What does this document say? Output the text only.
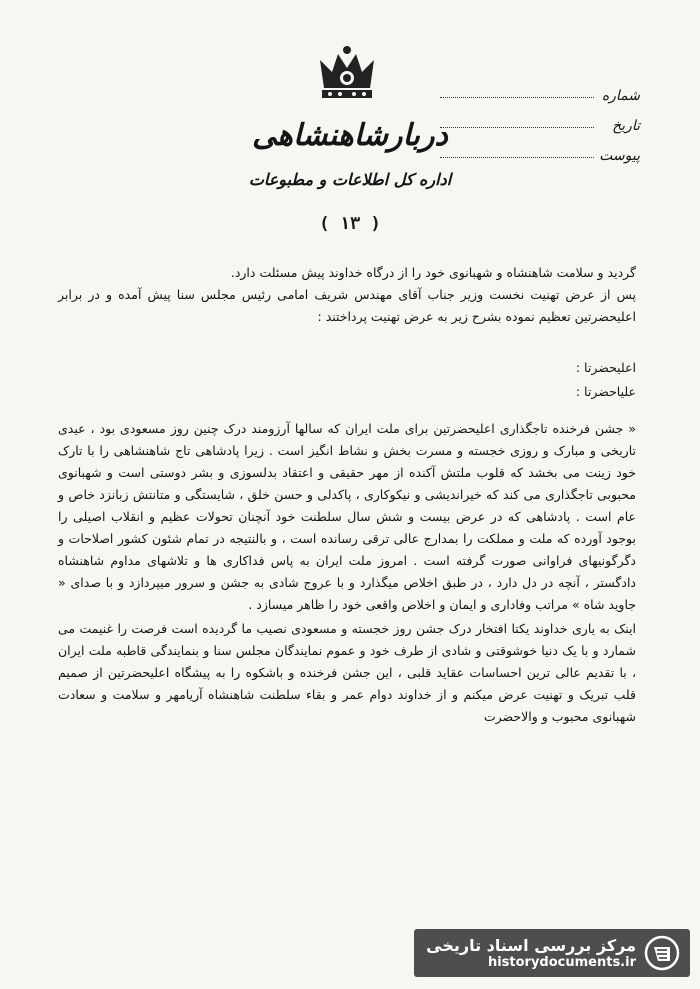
شماره
تاریخ
پیوست
دربارشاهنشاهی
اداره کل اطلاعات و مطبوعات
( ١٣ )

گردید و سلامت شاهنشاه و شهبانوی خود را از درگاه خداوند پیش مسئلت دارد.

پس از عرض تهنیت نخست وزیر جناب آقای مهندس شریف امامی رئیس مجلس سنا پیش آمده و در برابر اعلیحضرتین تعظیم نموده بشرح زیر به عرض تهنیت پرداختند :

اعلیحضرتا :

علیاحضرتا :

« جشن فرخنده تاجگذاری اعلیحضرتین برای ملت ایران که سالها آرزومند درک چنین روز مسعودی بود ، عیدی تاریخی و مبارک و روزی خجسته و مسرت بخش و نشاط انگیز است . زیرا پادشاهی تاج شاهنشاهی را با تارک خود زینت می بخشد که قلوب ملتش آکنده از مهر حقیقی و اعتقاد بدلسوزی و بشر دوستی است و شهبانوی محبوبی تاجگذاری می کند که خیراندیشی و نیکوکاری ، پاکدلی و حسن خلق ، شایستگی و متانتش زبانزد خاص و عام است . پادشاهی که در عرض بیست و شش سال سلطنت خود آنچنان تحولات عظیم و انقلاب اصیلی را بوجود آورده که ملت و مملکت را بمدارج عالی ترقی رسانده است ، و بالنتیجه در تمام شئون کشور اصلاحات و دگرگونیهای فراوانی صورت گرفته است . امروز ملت ایران به پاس فداکاری ها و تلاشهای مداوم شاهنشاه دادگستر ، آنچه در دل دارد ، در طبق اخلاص میگذارد و با عروج شادی به جشن و سرور میپردازد و با صدای « جاوید شاه » مراتب وفاداری و ایمان و اخلاص واقعی خود را ظاهر میسازد .

اینک به یاری خداوند یکتا افتخار درک جشن روز خجسته و مسعودی نصیب ما گردیده است فرصت را غنیمت می شمارد و با یک دنیا خوشوقتی و شادی از طرف خود و عموم نمایندگان مجلس سنا و بنمایندگی قاطبه ملت ایران ، با تقدیم عالی ترین احساسات عقاید قلبی ، این جشن فرخنده و باشکوه را به پیشگاه اعلیحضرتین از صمیم قلب تبریک و تهنیت عرض میکنم و از خداوند دوام عمر و بقاء سلطنت شاهنشاه آریامهر و سلامت و سعادت شهبانوی محبوب و والاحضرت

مرکز بررسی اسناد تاریخی
historydocuments.ir
